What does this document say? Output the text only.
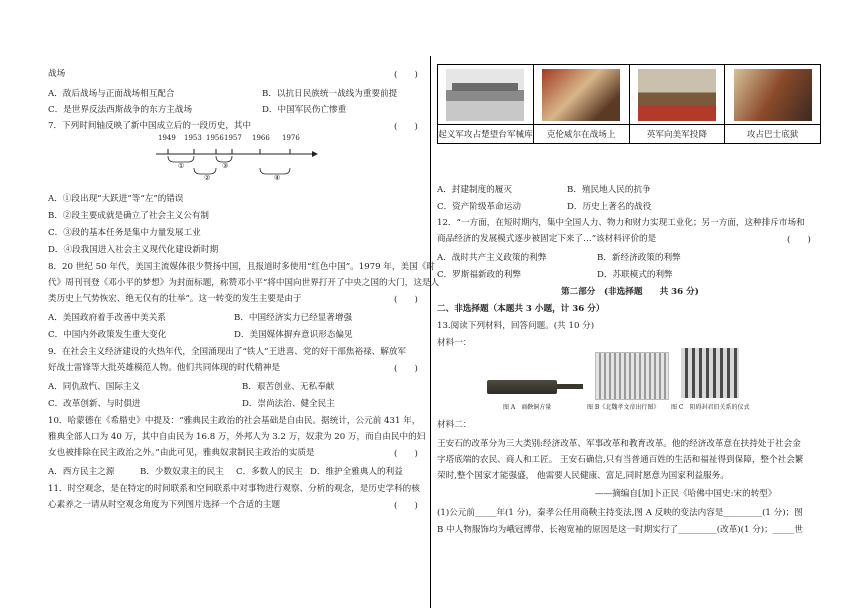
战场	(　　)
A．敌后战场与正面战场相互配合	B．以抗日民族统一战线为重要前提
C．是世界反法西斯战争的东方主战场	D．中国军民伤亡惨重
7．下列时间轴反映了新中国成立后的一段历史，其中	(　　)
1949 1953 1956 1957 1966 1976
①
②
③
④
A．①段出现“大跃进”等“左”的错误
B．②段主要成就是确立了社会主义公有制
C．③段的基本任务是集中力量发展工业
D．④段我国进入社会主义现代化建设新时期
8．20 世纪 50 年代，美国主流媒体很少赞扬中国，且报道时多使用“红色中国”。1979 年，美国《时
代》周刊刊登《邓小平的梦想》为封面标题，称赞邓小平“将中国向世界打开了中央之国的大门，这是人
类历史上气势恢宏、绝无仅有的壮举”。这一转变的发生主要是由于	(　　)
A．美国政府着手改善中美关系	B．中国经济实力已经显著增强
C．中国内外政策发生重大变化	D．美国媒体摒弃意识形态偏见
9．在社会主义经济建设的火热年代，全国涌现出了“铁人”王进喜、党的好干部焦裕禄、解放军
好战士雷锋等大批英雄模范人物。他们共同体现的时代精神是	(　　)
A．同仇敌忾、国际主义	B．艰苦创业、无私奉献
C．改革创新、与时俱进	D．崇尚法治、健全民主
10．哈蒙德在《希腊史》中提及：“雅典民主政治的社会基础是自由民。据统计，公元前 431 年，
雅典全部人口为 40 万，其中自由民为 16.8 万，外邦人为 3.2 万，奴隶为 20 万，而自由民中的妇
女也被排除在民主政治之外。”由此可见，雅典奴隶制民主政治的实质是	(　　)
A．西方民主之源	B．少数奴隶主的民主 C．多数人的民主 D．维护全雅典人的利益
11．时空观念，是在特定的时间联系和空间联系中对事物进行观察、分析的观念，是历史学科的核
心素养之一请从时空观念角度为下列图片选择一个合适的主题	(　　)

起义军攻占楚望台军械库	克伦威尔在战场上	英军向美军投降	攻占巴士底狱
A．封建制度的履灭	B．殖民地人民的抗争
C．资产阶级革命运动	D．历史上著名的战役
12．“一方面，在短时期内，集中全国人力、物力和财力实现工业化；另一方面，这种排斥市场和
商品经济的发展模式逐步被固定下来了…”该材料评价的是	(　　)
A．战时共产主义政策的利弊	B．新经济政策的利弊
C．罗斯福新政的利弊	D．苏联模式的利弊
第二部分　(非选择题　　共 36 分)
二、非选择题（本题共 3 小题，计 36 分）
13.阅读下列材料，回答问题。(共 10 分)
材料一：
图 A　商鞅铜方量	图 B《北魏孝文帝出行图》 图 C　阻碍封君旧关系的仪式
材料二：
王安石的改革分为三大类别:经济改革、军事改革和教育改革。他的经济改革意在扶持处于社会金
字塔底端的农民、商人和工匠。 王安石确信,只有当普通百姓的生活和福祉得到保障，整个社会繁
荣时,整个国家才能强盛， 他需要人民健康、富足,同时愿意为国家利益服务。
——摘编自[加]卜正民《哈佛中国史:宋的转型》
(1)公元前_____年(1 分)，秦孝公任用商鞅主持变法,图 A 反映的变法内容是_________(1 分)；图
B 中人物服饰均为峨冠博带、长袍宽袖的原因是这一时期实行了_________(改革)(1 分)；_____世
